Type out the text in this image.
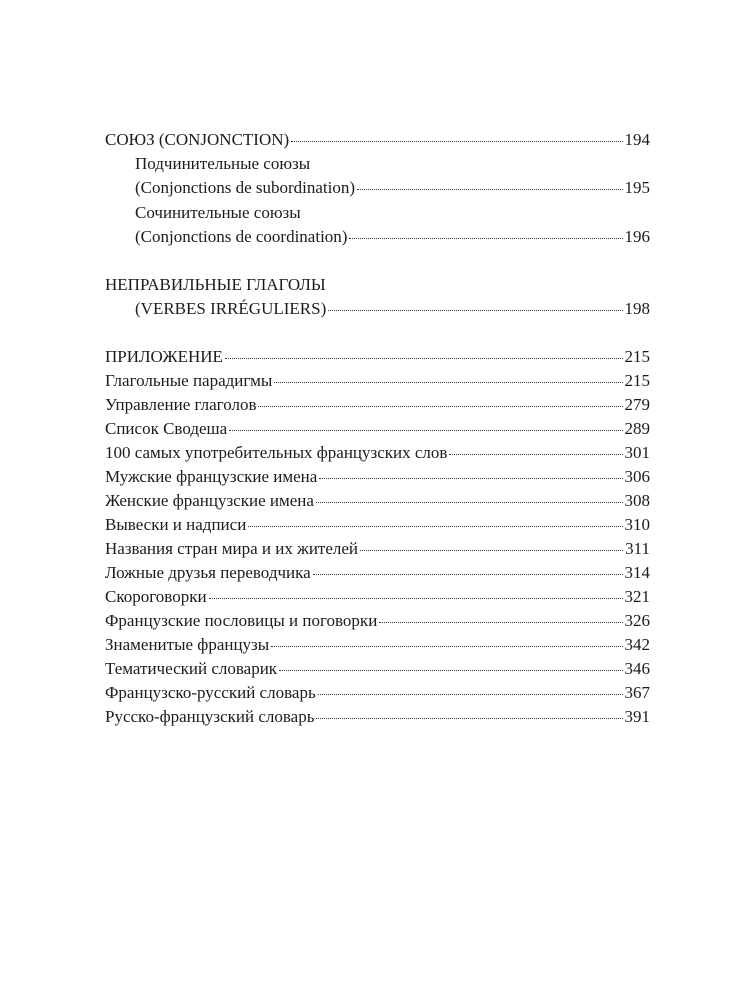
СОЮЗ (CONJONCTION)	194
Подчинительные союзы
(Conjonctions de subordination)	195
Сочинительные союзы
(Conjonctions de coordination)	196
НЕПРАВИЛЬНЫЕ ГЛАГОЛЫ
(VERBES IRRÉGULIERS)	198
ПРИЛОЖЕНИЕ	215
Глагольные парадигмы	215
Управление глаголов	279
Список Сводеша	289
100 самых употребительных французских слов	301
Мужские французские имена	306
Женские французские имена	308
Вывески и надписи	310
Названия стран мира и их жителей	311
Ложные друзья переводчика	314
Скороговорки	321
Французские пословицы и поговорки	326
Знаменитые французы	342
Тематический словарик	346
Французско-русский словарь	367
Русско-французский словарь	391
